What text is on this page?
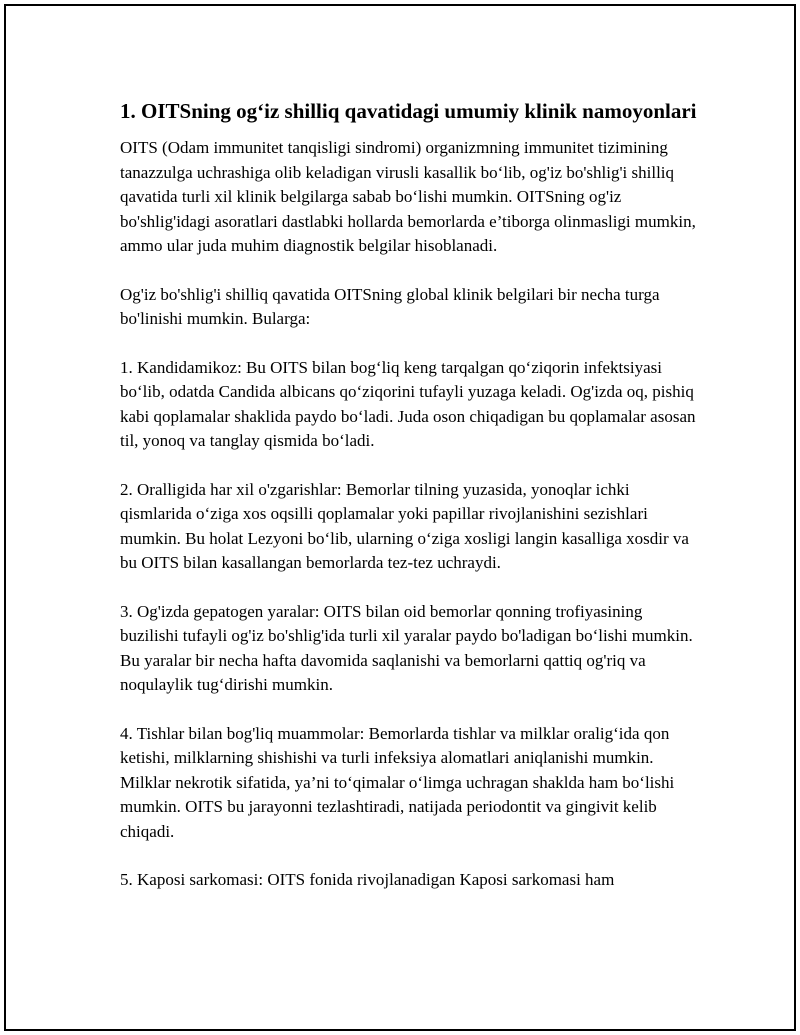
1. OITSning og‘iz shilliq qavatidagi umumiy klinik namoyonlari

OITS (Odam immunitet tanqisligi sindromi) organizmning immunitet tizimining tanazzulga uchrashiga olib keladigan virusli kasallik bo‘lib, og'iz bo'shlig'i shilliq qavatida turli xil klinik belgilarga sabab bo‘lishi mumkin. OITSning og'iz bo'shlig'idagi asoratlari dastlabki hollarda bemorlarda e’tiborga olinmasligi mumkin, ammo ular juda muhim diagnostik belgilar hisoblanadi.

Og'iz bo'shlig'i shilliq qavatida OITSning global klinik belgilari bir necha turga bo'linishi mumkin. Bularga:

1. Kandidamikoz: Bu OITS bilan bog‘liq keng tarqalgan qo‘ziqorin infektsiyasi bo‘lib, odatda Candida albicans qo‘ziqorini tufayli yuzaga keladi. Og'izda oq, pishiq kabi qoplamalar shaklida paydo bo‘ladi. Juda oson chiqadigan bu qoplamalar asosan til, yonoq va tanglay qismida bo‘ladi.

2. Oralligida har xil o'zgarishlar: Bemorlar tilning yuzasida, yonoqlar ichki qismlarida o‘ziga xos oqsilli qoplamalar yoki papillar rivojlanishini sezishlari mumkin. Bu holat Lezyoni bo‘lib, ularning o‘ziga xosligi langin kasalliga xosdir va bu OITS bilan kasallangan bemorlarda tez-tez uchraydi.

3. Og'izda gepatogen yaralar: OITS bilan oid bemorlar qonning trofiyasining buzilishi tufayli og'iz bo'shlig'ida turli xil yaralar paydo bo'ladigan bo‘lishi mumkin. Bu yaralar bir necha hafta davomida saqlanishi va bemorlarni qattiq og'riq va noqulaylik tug‘dirishi mumkin.

4. Tishlar bilan bog'liq muammolar: Bemorlarda tishlar va milklar oralig‘ida qon ketishi, milklarning shishishi va turli infeksiya alomatlari aniqlanishi mumkin. Milklar nekrotik sifatida, ya’ni to‘qimalar o‘limga uchragan shaklda ham bo‘lishi mumkin. OITS bu jarayonni tezlashtiradi, natijada periodontit va gingivit kelib chiqadi.

5. Kaposi sarkomasi: OITS fonida rivojlanadigan Kaposi sarkomasi ham
